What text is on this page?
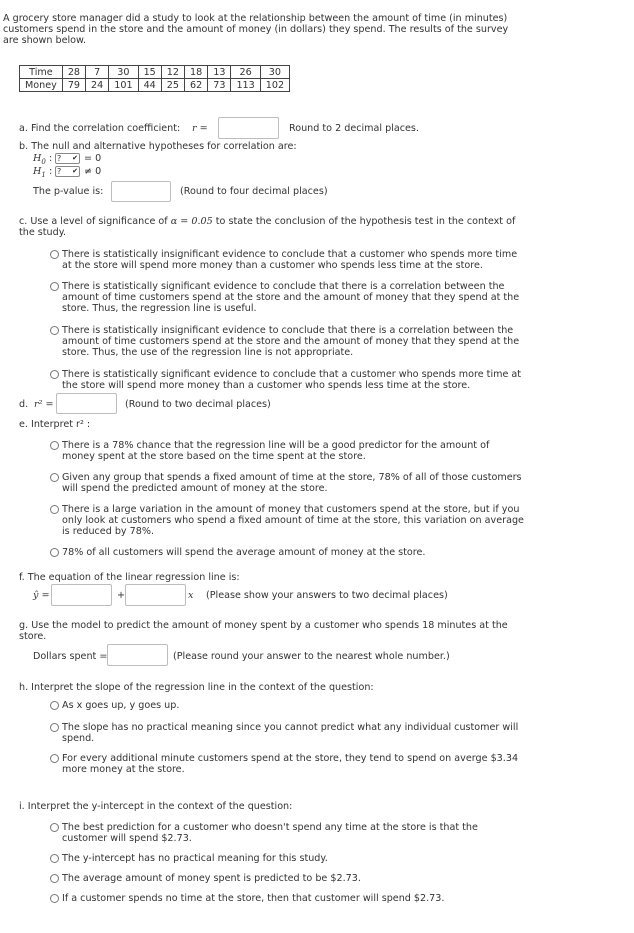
A grocery store manager did a study to look at the relationship between the amount of time (in minutes) customers spend in the store and the amount of money (in dollars) they spend. The results of the survey are shown below.
Time	28	7	30	15	12	18	13	26	30
Money	79	24	101	44	25	62	73	113	102
a. Find the correlation coefficient: r =	Round to 2 decimal places.
b. The null and alternative hypotheses for correlation are:
$H_0$ : ? ✔ = 0
$H_1$ : ? ✔ ≠ 0
The p-value is:	(Round to four decimal places)
c. Use a level of significance of α = 0.05 to state the conclusion of the hypothesis test in the context of the study.
There is statistically insignificant evidence to conclude that a customer who spends more time at the store will spend more money than a customer who spends less time at the store.
There is statistically significant evidence to conclude that there is a correlation between the amount of time customers spend at the store and the amount of money that they spend at the store. Thus, the regression line is useful.
There is statistically insignificant evidence to conclude that there is a correlation between the amount of time customers spend at the store and the amount of money that they spend at the store. Thus, the use of the regression line is not appropriate.
There is statistically significant evidence to conclude that a customer who spends more time at the store will spend more money than a customer who spends less time at the store.
d. r² =	(Round to two decimal places)
e. Interpret r² :
There is a 78% chance that the regression line will be a good predictor for the amount of money spent at the store based on the time spent at the store.
Given any group that spends a fixed amount of time at the store, 78% of all of those customers will spend the predicted amount of money at the store.
There is a large variation in the amount of money that customers spend at the store, but if you only look at customers who spend a fixed amount of time at the store, this variation on average is reduced by 78%.
78% of all customers will spend the average amount of money at the store.
f. The equation of the linear regression line is:
ŷ =	+	x (Please show your answers to two decimal places)
g. Use the model to predict the amount of money spent by a customer who spends 18 minutes at the store.
Dollars spent =	(Please round your answer to the nearest whole number.)
h. Interpret the slope of the regression line in the context of the question:
As x goes up, y goes up.
The slope has no practical meaning since you cannot predict what any individual customer will spend.
For every additional minute customers spend at the store, they tend to spend on averge $3.34 more money at the store.
i. Interpret the y-intercept in the context of the question:
The best prediction for a customer who doesn't spend any time at the store is that the customer will spend $2.73.
The y-intercept has no practical meaning for this study.
The average amount of money spent is predicted to be $2.73.
If a customer spends no time at the store, then that customer will spend $2.73.
